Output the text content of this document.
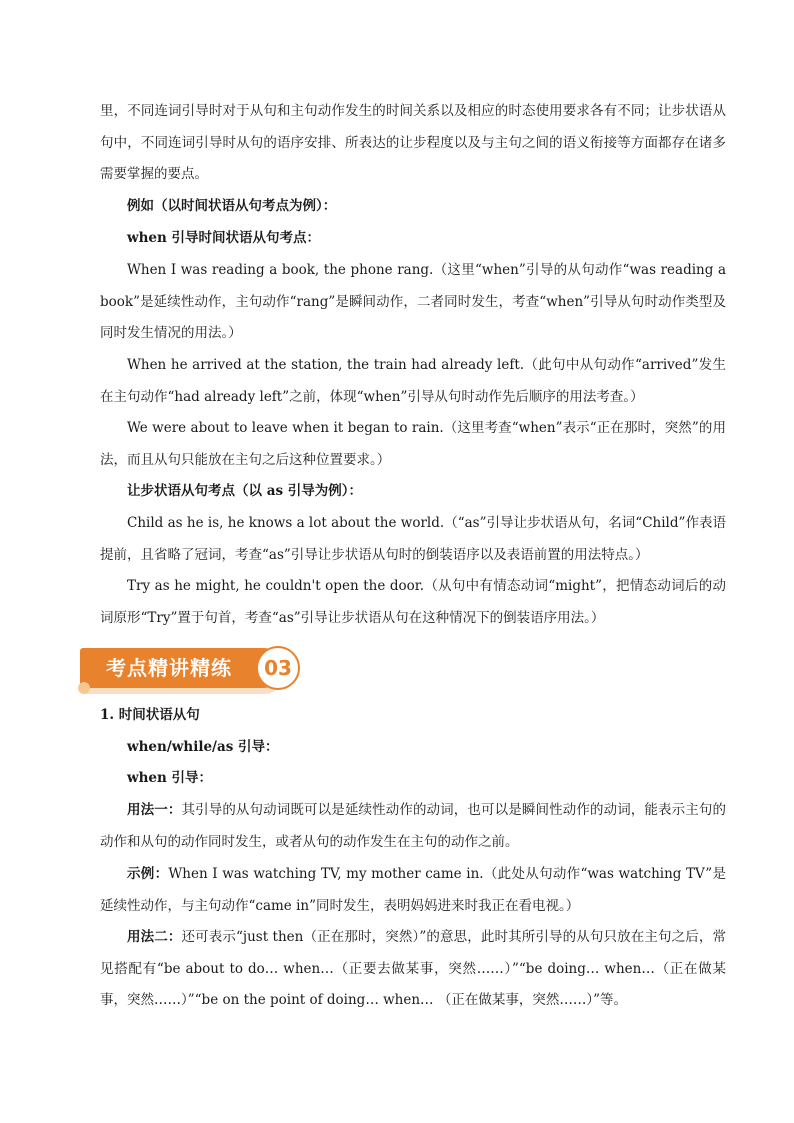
里，不同连词引导时对于从句和主句动作发生的时间关系以及相应的时态使用要求各有不同；让步状语从句中，不同连词引导时从句的语序安排、所表达的让步程度以及与主句之间的语义衔接等方面都存在诸多需要掌握的要点。

例如（以时间状语从句考点为例）：

when 引导时间状语从句考点：

When I was reading a book, the phone rang.（这里“when”引导的从句动作“was reading a book”是延续性动作，主句动作“rang”是瞬间动作，二者同时发生，考查“when”引导从句时动作类型及同时发生情况的用法。）

When he arrived at the station, the train had already left.（此句中从句动作“arrived”发生在主句动作“had already left”之前，体现“when”引导从句时动作先后顺序的用法考查。）

We were about to leave when it began to rain.（这里考查“when”表示“正在那时，突然”的用法，而且从句只能放在主句之后这种位置要求。）

让步状语从句考点（以 as 引导为例）：

Child as he is, he knows a lot about the world.（“as”引导让步状语从句，名词“Child”作表语提前，且省略了冠词，考查“as”引导让步状语从句时的倒装语序以及表语前置的用法特点。）

Try as he might, he couldn't open the door.（从句中有情态动词“might”，把情态动词后的动词原形“Try”置于句首，考查“as”引导让步状语从句在这种情况下的倒装语序用法。）

考点精讲精练	03

1. 时间状语从句

when/while/as 引导：

when 引导：

用法一：其引导的从句动词既可以是延续性动作的动词，也可以是瞬间性动作的动词，能表示主句的动作和从句的动作同时发生，或者从句的动作发生在主句的动作之前。

示例：When I was watching TV, my mother came in.（此处从句动作“was watching TV”是延续性动作，与主句动作“came in”同时发生，表明妈妈进来时我正在看电视。）

用法二：还可表示“just then（正在那时，突然）”的意思，此时其所引导的从句只放在主句之后，常见搭配有“be about to do… when…（正要去做某事，突然……）”“be doing… when…（正在做某事，突然……）”“be on the point of doing… when… （正在做某事，突然……）”等。
